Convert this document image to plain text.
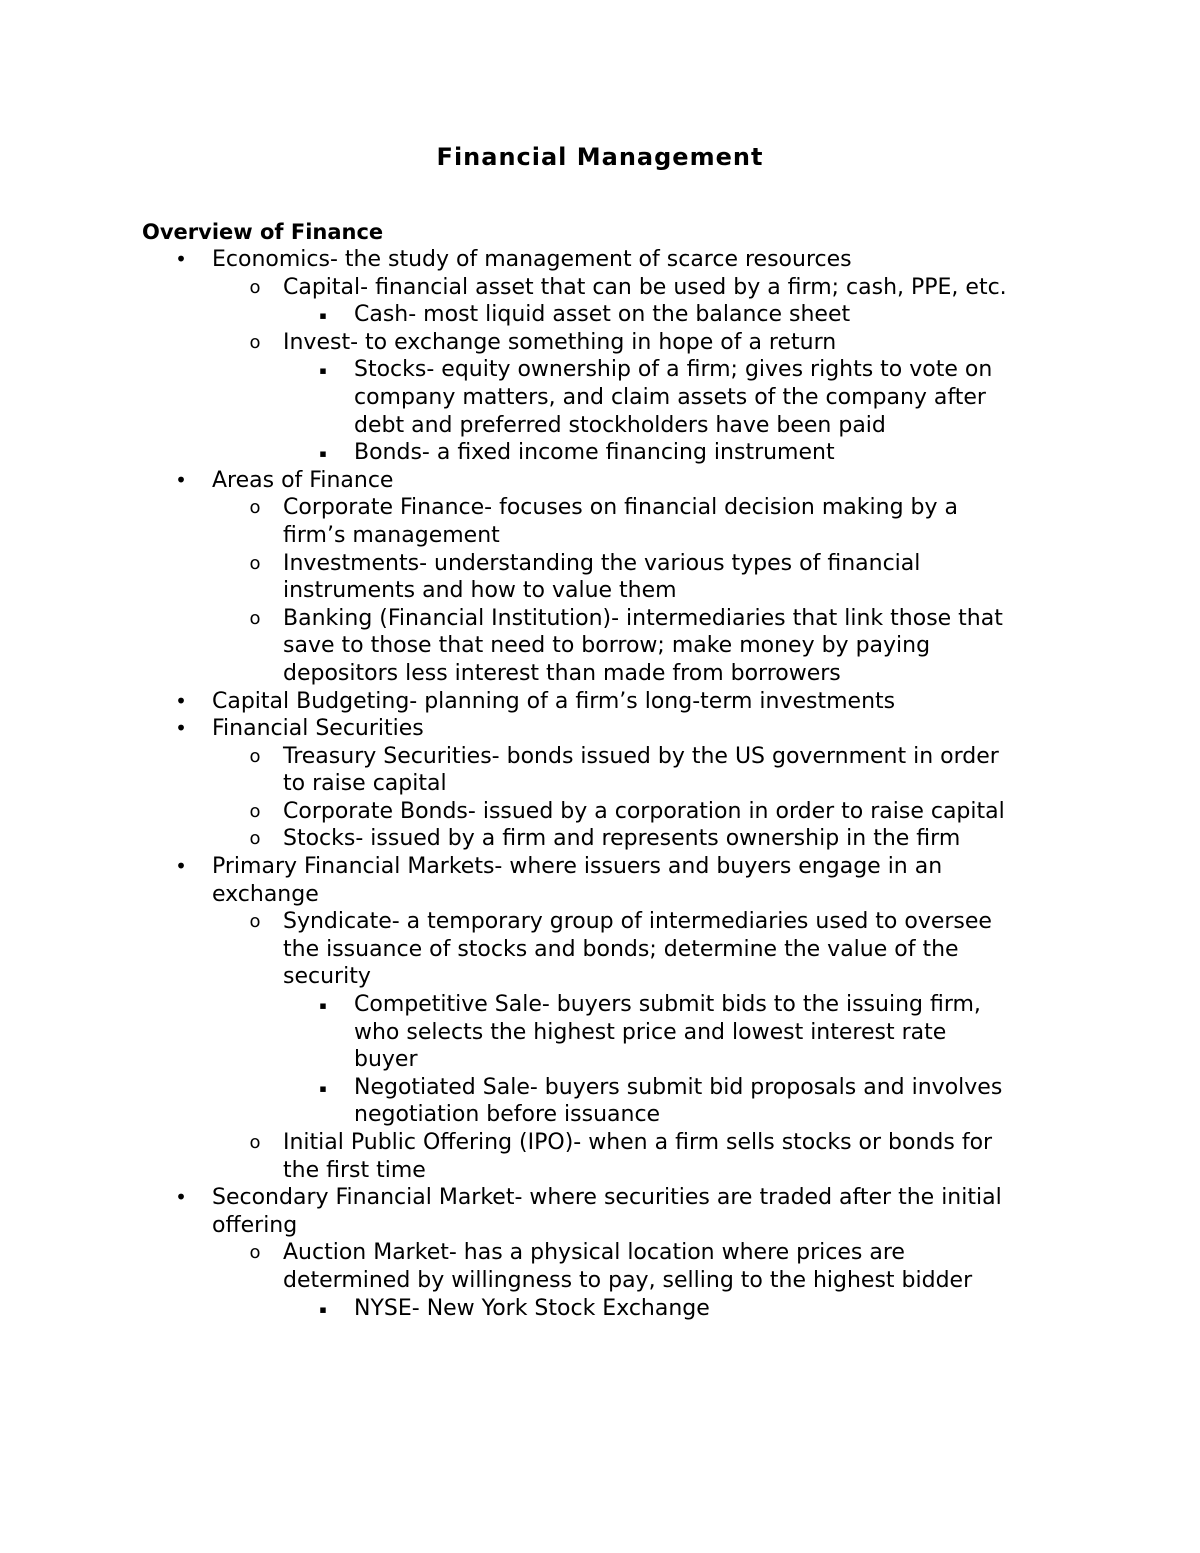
Financial Management
Overview of Finance
•	Economics- the study of management of scarce resources
o	Capital- financial asset that can be used by a firm; cash, PPE, etc.
▪	Cash- most liquid asset on the balance sheet
o	Invest- to exchange something in hope of a return
▪	Stocks- equity ownership of a firm; gives rights to vote on
company matters, and claim assets of the company after
debt and preferred stockholders have been paid
▪	Bonds- a fixed income financing instrument
•	Areas of Finance
o	Corporate Finance- focuses on financial decision making by a
firm’s management
o	Investments- understanding the various types of financial
instruments and how to value them
o	Banking (Financial Institution)- intermediaries that link those that
save to those that need to borrow; make money by paying
depositors less interest than made from borrowers
•	Capital Budgeting- planning of a firm’s long-term investments
•	Financial Securities
o	Treasury Securities- bonds issued by the US government in order
to raise capital
o	Corporate Bonds- issued by a corporation in order to raise capital
o	Stocks- issued by a firm and represents ownership in the firm
•	Primary Financial Markets- where issuers and buyers engage in an
exchange
o	Syndicate- a temporary group of intermediaries used to oversee
the issuance of stocks and bonds; determine the value of the
security
▪	Competitive Sale- buyers submit bids to the issuing firm,
who selects the highest price and lowest interest rate
buyer
▪	Negotiated Sale- buyers submit bid proposals and involves
negotiation before issuance
o	Initial Public Offering (IPO)- when a firm sells stocks or bonds for
the first time
•	Secondary Financial Market- where securities are traded after the initial
offering
o	Auction Market- has a physical location where prices are
determined by willingness to pay, selling to the highest bidder
▪	NYSE- New York Stock Exchange
